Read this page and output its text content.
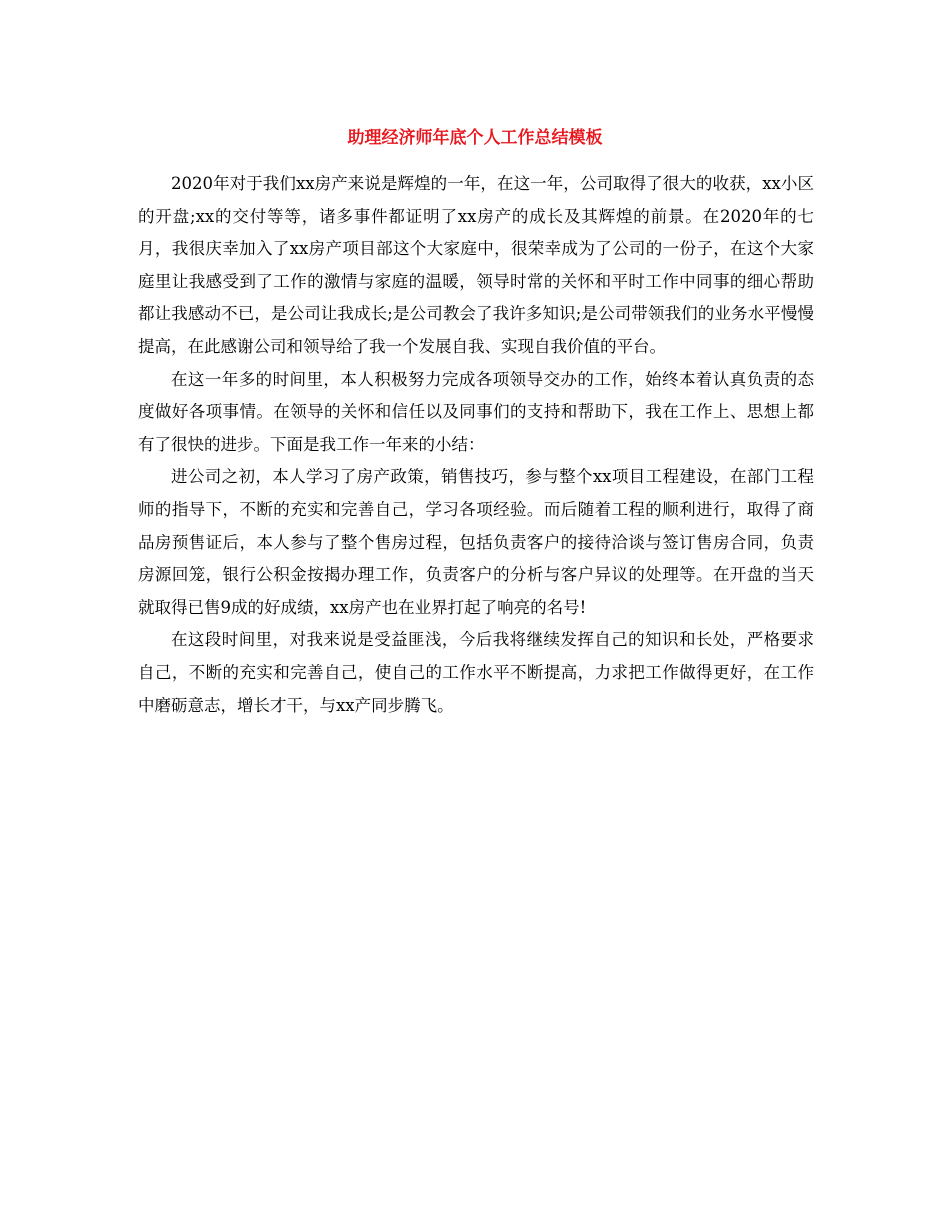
助理经济师年底个人工作总结模板

2020年对于我们xx房产来说是辉煌的一年，在这一年，公司取得了很大的收获，xx小区的开盘;xx的交付等等，诸多事件都证明了xx房产的成长及其辉煌的前景。在2020年的七月，我很庆幸加入了xx房产项目部这个大家庭中，很荣幸成为了公司的一份子，在这个大家庭里让我感受到了工作的激情与家庭的温暖，领导时常的关怀和平时工作中同事的细心帮助都让我感动不已，是公司让我成长;是公司教会了我许多知识;是公司带领我们的业务水平慢慢提高，在此感谢公司和领导给了我一个发展自我、实现自我价值的平台。

在这一年多的时间里，本人积极努力完成各项领导交办的工作，始终本着认真负责的态度做好各项事情。在领导的关怀和信任以及同事们的支持和帮助下，我在工作上、思想上都有了很快的进步。下面是我工作一年来的小结：

进公司之初，本人学习了房产政策，销售技巧，参与整个xx项目工程建设，在部门工程师的指导下，不断的充实和完善自己，学习各项经验。而后随着工程的顺利进行，取得了商品房预售证后，本人参与了整个售房过程，包括负责客户的接待洽谈与签订售房合同，负责房源回笼，银行公积金按揭办理工作，负责客户的分析与客户异议的处理等。在开盘的当天就取得已售9成的好成绩，xx房产也在业界打起了响亮的名号!

在这段时间里，对我来说是受益匪浅，今后我将继续发挥自己的知识和长处，严格要求自己，不断的充实和完善自己，使自己的工作水平不断提高，力求把工作做得更好，在工作中磨砺意志，增长才干，与xx产同步腾飞。
